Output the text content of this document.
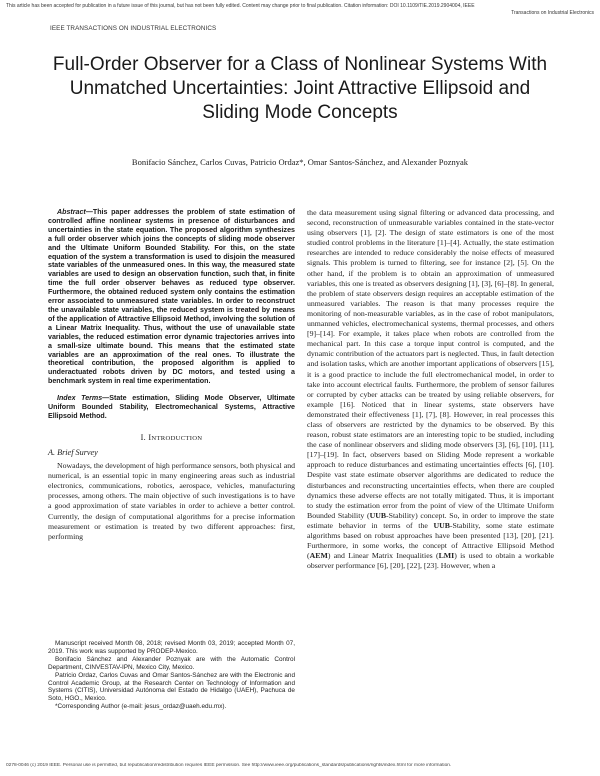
This article has been accepted for publication in a future issue of this journal, but has not been fully edited. Content may change prior to final publication. Citation information: DOI 10.1109/TIE.2019.2904004, IEEE
Transactions on Industrial Electronics
IEEE TRANSACTIONS ON INDUSTRIAL ELECTRONICS
Full-Order Observer for a Class of Nonlinear Systems With Unmatched Uncertainties: Joint Attractive Ellipsoid and Sliding Mode Concepts
Bonifacio Sánchez, Carlos Cuvas, Patricio Ordaz*, Omar Santos-Sánchez, and Alexander Poznyak

Abstract—This paper addresses the problem of state estimation of controlled affine nonlinear systems in presence of disturbances and uncertainties in the state equation. The proposed algorithm synthesizes a full order observer which joins the concepts of sliding mode observer and the Ultimate Uniform Bounded Stability. For this, on the state equation of the system a transformation is used to disjoin the measured state variables of the unmeasured ones. In this way, the measured state variables are used to design an observation function, such that, in finite time the full order observer behaves as reduced type observer. Furthermore, the obtained reduced system only contains the estimation error associated to unmeasured state variables. In order to reconstruct the unavailable state variables, the reduced system is treated by means of the application of Attractive Ellipsoid Method, involving the solution of a Linear Matrix Inequality. Thus, without the use of unavailable state variables, the reduced estimation error dynamic trajectories arrives into a small-size ultimate bound. This means that the estimated state variables are an approximation of the real ones. To illustrate the theoretical contribution, the proposed algorithm is applied to underactuated robots driven by DC motors, and tested using a benchmark system in real time experimentation.

Index Terms—State estimation, Sliding Mode Observer, Ultimate Uniform Bounded Stability, Electromechanical Systems, Attractive Ellipsoid Method.

I. INTRODUCTION
A. Brief Survey

Nowadays, the development of high performance sensors, both physical and numerical, is an essential topic in many engineering areas such as industrial electronics, communications, robotics, aerospace, vehicles, manufacturing processes, among others. The main objective of such investigations is to have a good approximation of state variables in order to achieve a better control. Currently, the design of computational algorithms for a precise information measurement or estimation is treated by two different approaches: first, performing

the data measurement using signal filtering or advanced data processing, and second, reconstruction of unmeasurable variables contained in the state-vector using observers [1], [2]. The design of state estimators is one of the most studied control problems in the literature [1]–[4]. Actually, the state estimation researches are intended to reduce considerably the noise effects of measured signals. This problem is turned to filtering, see for instance [2], [5]. On the other hand, if the problem is to obtain an approximation of unmeasured variables, this one is treated as observers designing [1], [3], [6]–[8]. In general, the problem of state observers design requires an acceptable estimation of the unmeasured variables. The reason is that many processes require the monitoring of non-measurable variables, as in the case of robot manipulators, unmanned vehicles, electromechanical systems, thermal processes, and others [9]–[14]. For example, it takes place when robots are controlled from the mechanical part. In this case a torque input control is computed, and the dynamic contribution of the actuators part is neglected. Thus, in fault detection and isolation tasks, which are another important applications of observers [15], it is a good practice to include the full electromechanical model, in order to take into account electrical faults. Furthermore, the problem of sensor failures or corrupted by cyber attacks can be treated by using reliable observers, for example [16]. Noticed that in linear systems, state observers have demonstrated their effectiveness [1], [7], [8]. However, in real processes this class of observers are restricted by the dynamics to be observed. By this reason, robust state estimators are an interesting topic to be studied, including the case of nonlinear observers and sliding mode observers [3], [6], [10], [11], [17]–[19]. In fact, observers based on Sliding Mode represent a workable approach to reduce disturbances and estimating uncertainties effects [6], [10]. Despite vast state estimate observer algorithms are dedicated to reduce the disturbances and reconstructing uncertainties effects, when there are coupled dynamics these adverse effects are not totally mitigated. Thus, it is important to study the estimation error from the point of view of the Ultimate Uniform Bounded Stability (UUB-Stability) concept. So, in order to improve the state estimate behavior in terms of the UUB-Stability, some state estimate algorithms based on robust approaches have been presented [13], [20], [21]. Furthermore, in some works, the concept of Attractive Ellipsoid Method (AEM) and Linear Matrix Inequalities (LMI) is used to obtain a workable observer performance [6], [20], [22], [23]. However, when a

Manuscript received Month 08, 2018; revised Month 03, 2019; accepted Month 07, 2019. This work was supported by PRODEP-Mexico.

Bonifacio Sánchez and Alexander Poznyak are with the Automatic Control Department, CINVESTAV-IPN, Mexico City, Mexico.

Patricio Ordaz, Carlos Cuvas and Omar Santos-Sánchez are with the Electronic and Control Academic Group, at the Research Center on Technology of Information and Systems (CITIS), Universidad Autónoma del Estado de Hidalgo (UAEH), Pachuca de Soto, HGO., Mexico.

*Corresponding Author (e-mail: jesus_ordaz@uaeh.edu.mx).

0278-0046 (c) 2019 IEEE. Personal use is permitted, but republication/redistribution requires IEEE permission. See http://www.ieee.org/publications_standards/publications/rights/index.html for more information.
